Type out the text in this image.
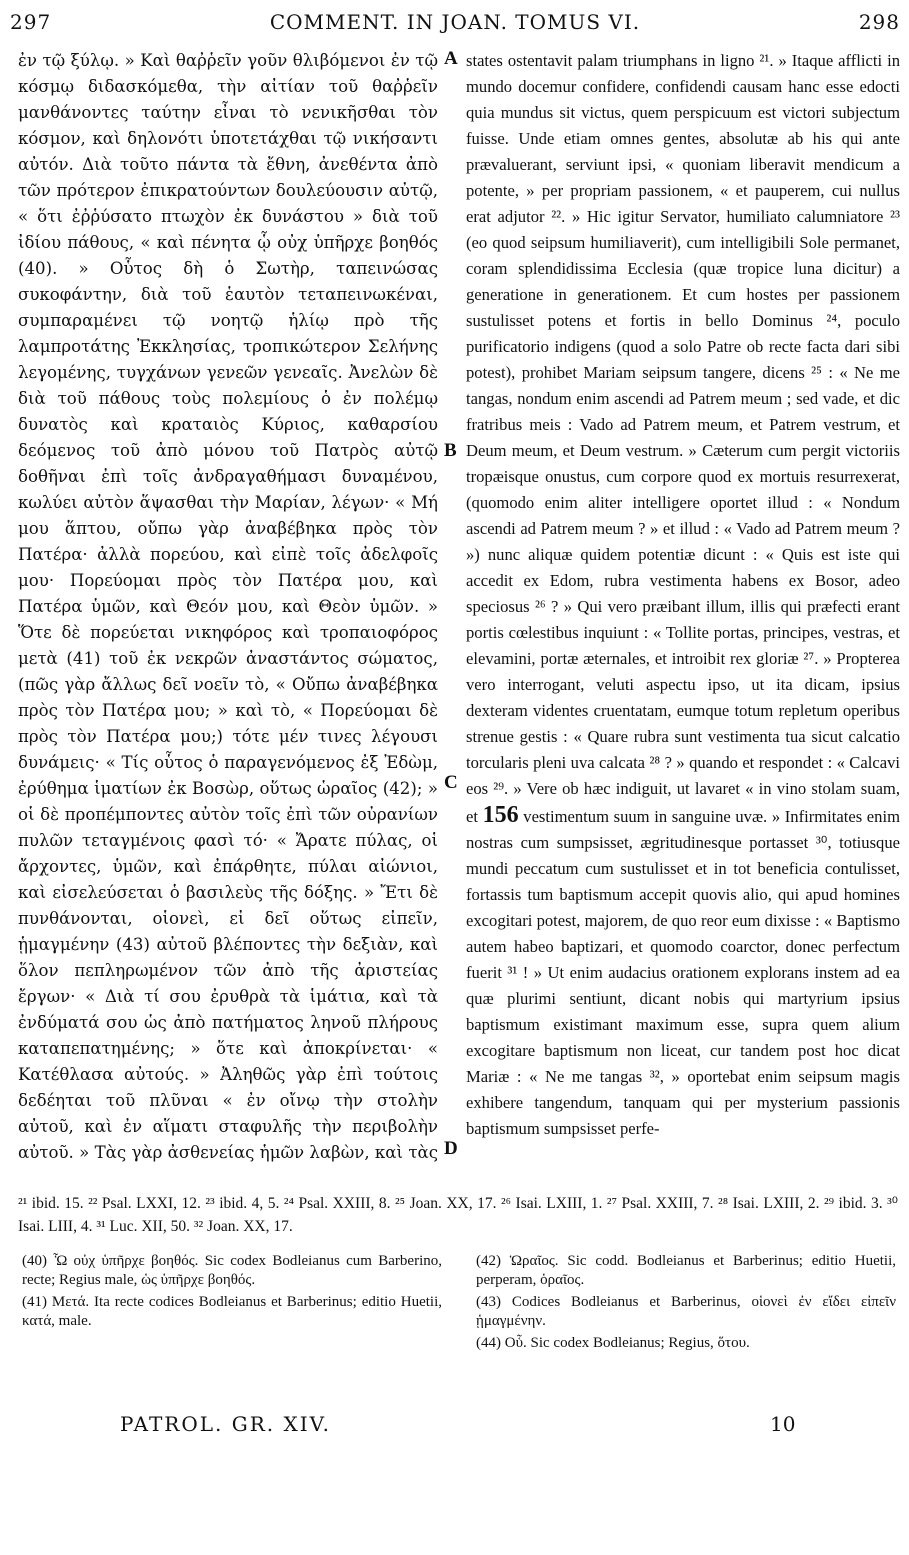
297	COMMENT. IN JOAN. TOMUS VI.	298

ἐν τῷ ξύλῳ. » Καὶ θαῤῥεῖν γοῦν θλιβόμενοι ἐν τῷ κόσμῳ διδασκόμεθα, τὴν αἰτίαν τοῦ θαῤῥεῖν μανθάνοντες ταύτην εἶναι τὸ νενικῆσθαι τὸν κόσμον, καὶ δηλονότι ὑποτετάχθαι τῷ νικήσαντι αὐτόν. Διὰ τοῦτο πάντα τὰ ἔθνη, ἀνεθέντα ἀπὸ τῶν πρότερον ἐπικρατούντων δουλεύουσιν αὐτῷ, « ὅτι ἐῤῥύσατο πτωχὸν ἐκ δυνάστου » διὰ τοῦ ἰδίου πάθους, « καὶ πένητα ᾧ οὐχ ὑπῆρχε βοηθός (40). » Οὗτος δὴ ὁ Σωτὴρ, ταπεινώσας συκοφάντην, διὰ τοῦ ἑαυτὸν τεταπεινωκέναι, συμπαραμένει τῷ νοητῷ ἡλίῳ πρὸ τῆς λαμπροτάτης Ἐκκλησίας, τροπικώτερον Σελήνης λεγομένης, τυγχάνων γενεῶν γενεαῖς. Ἀνελὼν δὲ διὰ τοῦ πάθους τοὺς πολεμίους ὁ ἐν πολέμῳ δυνατὸς καὶ κραταιὸς Κύριος, καθαρσίου δεόμενος τοῦ ἀπὸ μόνου τοῦ Πατρὸς αὐτῷ δοθῆναι ἐπὶ τοῖς ἀνδραγαθήμασι δυναμένου, κωλύει αὐτὸν ἅψασθαι τὴν Μαρίαν, λέγων· « Μή μου ἅπτου, οὔπω γὰρ ἀναβέβηκα πρὸς τὸν Πατέρα· ἀλλὰ πορεύου, καὶ εἰπὲ τοῖς ἀδελφοῖς μου· Πορεύομαι πρὸς τὸν Πατέρα μου, καὶ Πατέρα ὑμῶν, καὶ Θεόν μου, καὶ Θεὸν ὑμῶν. » Ὅτε δὲ πορεύεται νικηφόρος καὶ τροπαιοφόρος μετὰ (41) τοῦ ἐκ νεκρῶν ἀναστάντος σώματος, (πῶς γὰρ ἄλλως δεῖ νοεῖν τὸ, « Οὔπω ἀναβέβηκα πρὸς τὸν Πατέρα μου; » καὶ τὸ, « Πορεύομαι δὲ πρὸς τὸν Πατέρα μου;) τότε μέν τινες λέγουσι δυνάμεις· « Τίς οὗτος ὁ παραγενόμενος ἐξ Ἐδὼμ, ἐρύθημα ἱματίων ἐκ Βοσὼρ, οὕτως ὡραῖος (42); » οἱ δὲ προπέμποντες αὐτὸν τοῖς ἐπὶ τῶν οὐρανίων πυλῶν τεταγμένοις φασὶ τό· « Ἄρατε πύλας, οἱ ἄρχοντες, ὑμῶν, καὶ ἐπάρθητε, πύλαι αἰώνιοι, καὶ εἰσελεύσεται ὁ βασιλεὺς τῆς δόξης. » Ἔτι δὲ πυνθάνονται, οἱονεὶ, εἰ δεῖ οὕτως εἰπεῖν, ᾑμαγμένην (43) αὐτοῦ βλέποντες τὴν δεξιὰν, καὶ ὅλον πεπληρωμένον τῶν ἀπὸ τῆς ἀριστείας ἔργων· « Διὰ τί σου ἐρυθρὰ τὰ ἱμάτια, καὶ τὰ ἐνδύματά σου ὡς ἀπὸ πατήματος ληνοῦ πλήρους καταπεπατημένης; » ὅτε καὶ ἀποκρίνεται· « Κατέθλασα αὐτούς. » Ἀληθῶς γὰρ ἐπὶ τούτοις δεδέηται τοῦ πλῦναι « ἐν οἴνῳ τὴν στολὴν αὐτοῦ, καὶ ἐν αἵματι σταφυλῆς τὴν περιβολὴν αὐτοῦ. » Τὰς γὰρ ἀσθενείας ἡμῶν λαβὼν, καὶ τὰς

A
B
C
D

states ostentavit palam triumphans in ligno ²¹. » Itaque afflicti in mundo docemur confidere, confidendi causam hanc esse edocti quia mundus sit victus, quem perspicuum est victori subjectum fuisse. Unde etiam omnes gentes, absolutæ ab his qui ante prævaluerant, serviunt ipsi, « quoniam liberavit mendicum a potente, » per propriam passionem, « et pauperem, cui nullus erat adjutor ²². » Hic igitur Servator, humiliato calumniatore ²³ (eo quod seipsum humiliaverit), cum intelligibili Sole permanet, coram splendidissima Ecclesia (quæ tropice luna dicitur) a generatione in generationem. Et cum hostes per passionem sustulisset potens et fortis in bello Dominus ²⁴, poculo purificatorio indigens (quod a solo Patre ob recte facta dari sibi potest), prohibet Mariam seipsum tangere, dicens ²⁵ : « Ne me tangas, nondum enim ascendi ad Patrem meum ; sed vade, et dic fratribus meis : Vado ad Patrem meum, et Patrem vestrum, et Deum meum, et Deum vestrum. » Cæterum cum pergit victoriis tropæisque onustus, cum corpore quod ex mortuis resurrexerat, (quomodo enim aliter intelligere oportet illud : « Nondum ascendi ad Patrem meum ? » et illud : « Vado ad Patrem meum ? ») nunc aliquæ quidem potentiæ dicunt : « Quis est iste qui accedit ex Edom, rubra vestimenta habens ex Bosor, adeo speciosus ²⁶ ? » Qui vero præibant illum, illis qui præfecti erant portis cœlestibus inquiunt : « Tollite portas, principes, vestras, et elevamini, portæ æternales, et introibit rex gloriæ ²⁷. » Propterea vero interrogant, veluti aspectu ipso, ut ita dicam, ipsius dexteram videntes cruentatam, eumque totum repletum operibus strenue gestis : « Quare rubra sunt vestimenta tua sicut calcatio torcularis pleni uva calcata ²⁸ ? » quando et respondet : « Calcavi eos ²⁹. » Vere ob hæc indiguit, ut lavaret « in vino stolam suam, et 156 vestimentum suum in sanguine uvæ. » Infirmitates enim nostras cum sumpsisset, ægritudinesque portasset ³⁰, totiusque mundi peccatum cum sustulisset et in tot beneficia contulisset, fortassis tum baptismum accepit quovis alio, qui apud homines excogitari potest, majorem, de quo reor eum dixisse : « Baptismo autem habeo baptizari, et quomodo coarctor, donec perfectum fuerit ³¹ ! » Ut enim audacius orationem explorans instem ad ea quæ plurimi sentiunt, dicant nobis qui martyrium ipsius baptismum existimant maximum esse, supra quem alium excogitare baptismum non liceat, cur tandem post hoc dicat Mariæ : « Ne me tangas ³², » oportebat enim seipsum magis exhibere tangendum, tanquam qui per mysterium passionis baptismum sumpsisset perfe-

²¹ ibid. 15. ²² Psal. LXXI, 12. ²³ ibid. 4, 5. ²⁴ Psal. XXIII, 8. ²⁵ Joan. XX, 17. ²⁶ Isai. LXIII, 1. ²⁷ Psal. XXIII, 7. ²⁸ Isai. LXIII, 2. ²⁹ ibid. 3. ³⁰ Isai. LIII, 4. ³¹ Luc. XII, 50. ³² Joan. XX, 17.

(40) Ὧ οὐχ ὑπῆρχε βοηθός. Sic codex Bodleianus cum Barberino, recte; Regius male, ὡς ὑπῆρχε βοηθός.

(41) Μετά. Ita recte codices Bodleianus et Barberinus; editio Huetii, κατά, male.

(42) Ὡραῖος. Sic codd. Bodleianus et Barberinus; editio Huetii, perperam, ὁραῖος.

(43) Codices Bodleianus et Barberinus, οἱονεὶ ἐν εἴδει εἰπεῖν ᾑμαγμένην.

(44) Οὗ. Sic codex Bodleianus; Regius, ὅτου.

PATROL. GR. XIV.	10
